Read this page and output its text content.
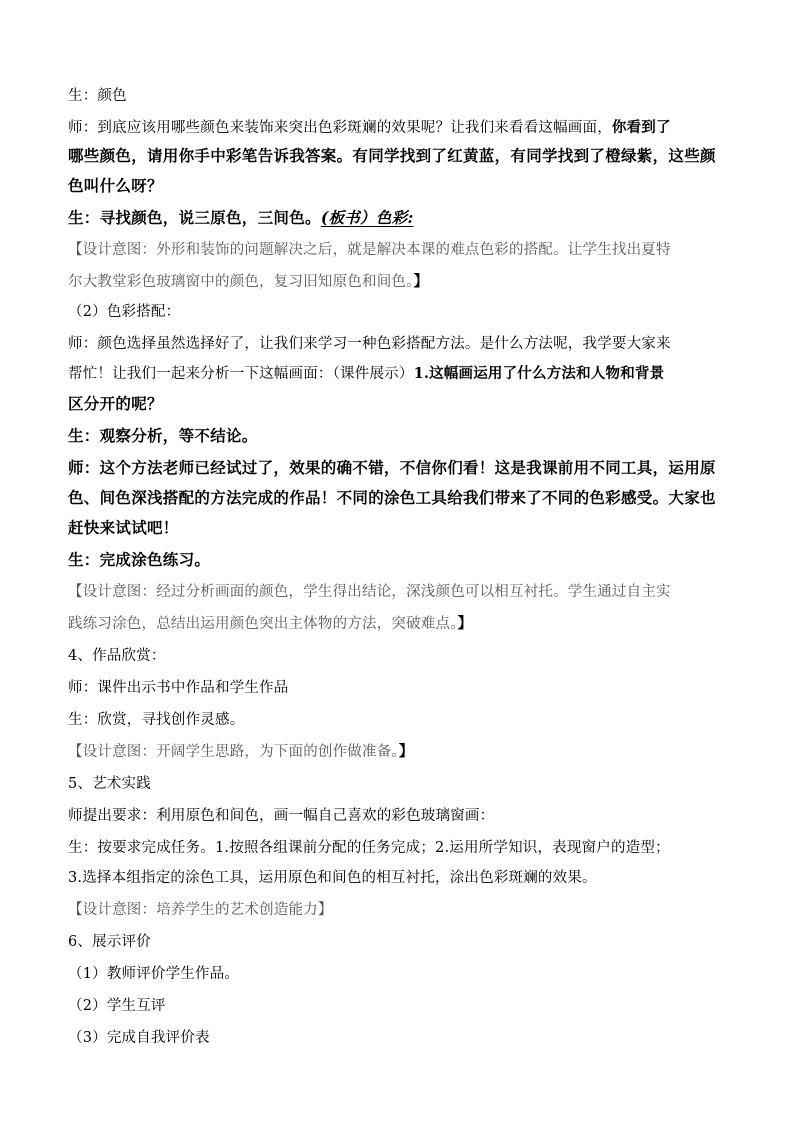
生：颜色
师：到底应该用哪些颜色来装饰来突出色彩斑斓的效果呢？让我们来看看这幅画面，你看到了
哪些颜色，请用你手中彩笔告诉我答案。有同学找到了红黄蓝，有同学找到了橙绿紫，这些颜
色叫什么呀？
生：寻找颜色，说三原色，三间色。(板书）色彩:
【设计意图：外形和装饰的问题解决之后，就是解决本课的难点色彩的搭配。让学生找出夏特
尔大教堂彩色玻璃窗中的颜色，复习旧知原色和间色。】
（2）色彩搭配：
师：颜色选择虽然选择好了，让我们来学习一种色彩搭配方法。是什么方法呢，我学要大家来
帮忙！让我们一起来分析一下这幅画面：（课件展示）1.这幅画运用了什么方法和人物和背景
区分开的呢？
生：观察分析，等不结论。
师：这个方法老师已经试过了，效果的确不错，不信你们看！这是我课前用不同工具，运用原
色、间色深浅搭配的方法完成的作品！不同的涂色工具给我们带来了不同的色彩感受。大家也
赶快来试试吧！
生：完成涂色练习。
【设计意图：经过分析画面的颜色，学生得出结论，深浅颜色可以相互衬托。学生通过自主实
践练习涂色，总结出运用颜色突出主体物的方法，突破难点。】
4、作品欣赏：
师：课件出示书中作品和学生作品
生：欣赏，寻找创作灵感。
【设计意图：开阔学生思路，为下面的创作做准备。】
5、艺术实践
师提出要求：利用原色和间色，画一幅自己喜欢的彩色玻璃窗画：
生：按要求完成任务。1.按照各组课前分配的任务完成；2.运用所学知识，表现窗户的造型；
3.选择本组指定的涂色工具，运用原色和间色的相互衬托，涂出色彩斑斓的效果。
【设计意图：培养学生的艺术创造能力】
6、展示评价
（1）教师评价学生作品。
（2）学生互评
（3）完成自我评价表
